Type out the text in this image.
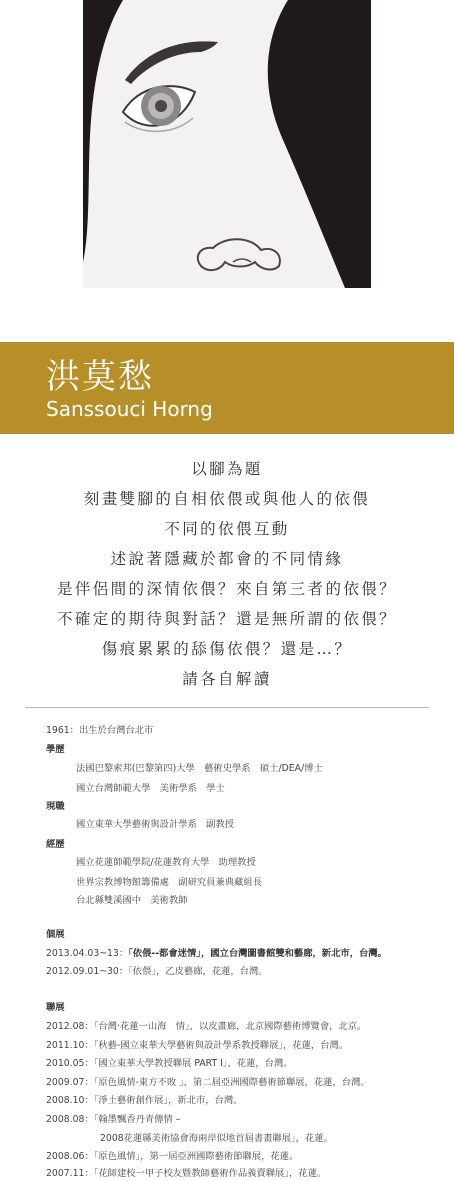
洪莫愁
Sanssouci Horng
以腳為題
刻畫雙腳的自相依偎或與他人的依偎
不同的依偎互動
述說著隱藏於都會的不同情緣
是伴侶間的深情依偎？來自第三者的依偎？
不確定的期待與對話？還是無所謂的依偎？
傷痕累累的舔傷依偎？還是…？
請各自解讀
1961：出生於台灣台北市
學歷
法國巴黎索邦(巴黎第四)大學　藝術史學系　碩士/DEA/博士
國立台灣師範大學　美術學系　學士
現職
國立東華大學藝術與設計學系　副教授
經歷
國立花蓮師範學院/花蓮教育大學　助理教授
世界宗教博物館籌備處　副研究員兼典藏組長
台北縣雙溪國中　美術教師
個展
2013.04.03~13：「依偎--都會迷情」，國立台灣圖書館雙和藝廊，新北市，台灣。
2012.09.01~30：「依偎」，乙皮藝廊，花蓮，台灣。
聯展
2012.08：「台灣‧花蓮一山海　情」，以皮畫廊，北京國際藝術博覽會，北京。
2011.10：「秋藝-國立東華大學藝術與設計學系教授聯展」，花蓮，台灣。
2010.05：「國立東華大學教授聯展 PART I」，花蓮，台灣。
2009.07：「原色風情-東方不敗 」，第二屆亞洲國際藝術節聯展，花蓮，台灣。
2008.10：「淨土藝術創作展」，新北市，台灣。
2008.08：「翰墨飄香丹青傳情 –
2008花蓮縣美術協會海兩岸似地首屆書畫聯展」，花蓮。
2008.06：「原色風情」，第一屆亞洲國際藝術節聯展，花蓮。
2007.11：「花師建校一甲子校友暨教師藝術作品義賣聯展」，花蓮。
